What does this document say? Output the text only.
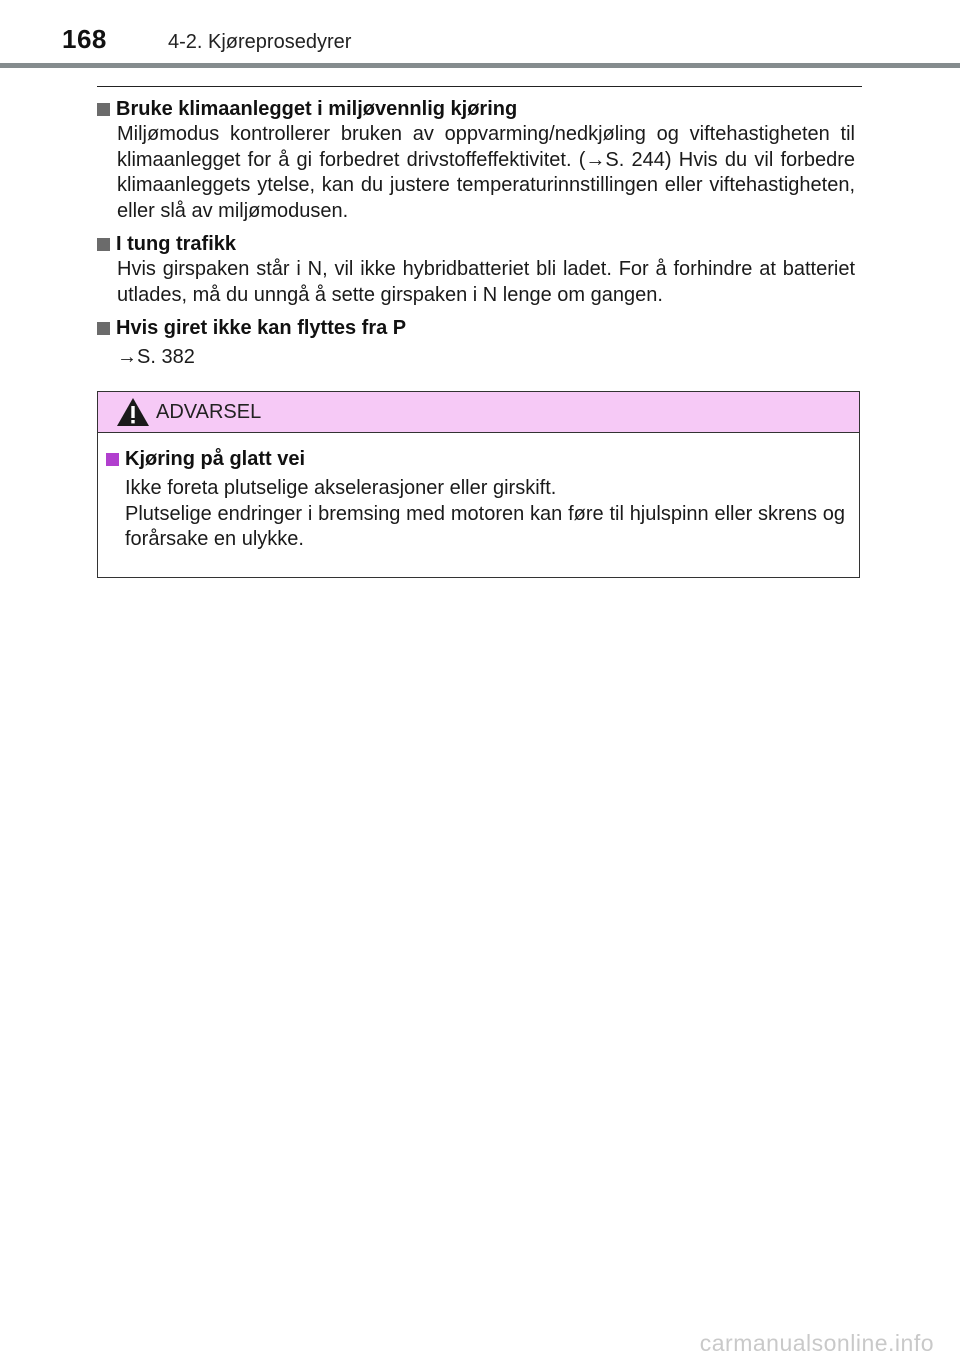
168	4-2. Kjøreprosedyrer
Bruke klimaanlegget i miljøvennlig kjøring
Miljømodus kontrollerer bruken av oppvarming/nedkjøling og viftehastigheten til klimaanlegget for å gi forbedret drivstoffeffektivitet. (→S. 244) Hvis du vil forbedre klimaanleggets ytelse, kan du justere temperaturinnstillingen eller viftehastigheten, eller slå av miljømodusen.
I tung trafikk
Hvis girspaken står i N, vil ikke hybridbatteriet bli ladet. For å forhindre at batteriet utlades, må du unngå å sette girspaken i N lenge om gangen.
Hvis giret ikke kan flyttes fra P
→S. 382
ADVARSEL
Kjøring på glatt vei
Ikke foreta plutselige akselerasjoner eller girskift.
Plutselige endringer i bremsing med motoren kan føre til hjulspinn eller skrens og forårsake en ulykke.
carmanualsonline.info
